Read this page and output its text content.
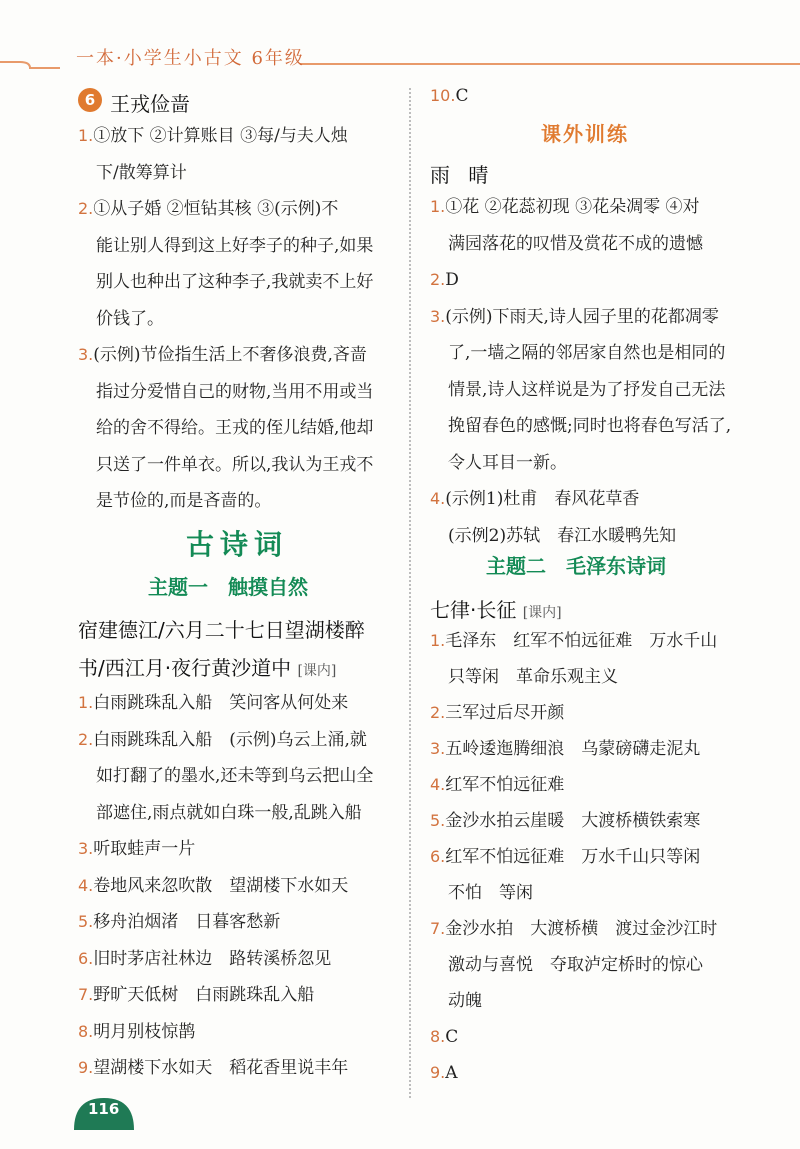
一本·小学生小古文 6年级
6 王戎俭啬
1.①放下 ②计算账目 ③每/与夫人烛
下/散筹算计
2.①从子婚 ②恒钻其核 ③(示例)不
能让别人得到这上好李子的种子,如果
别人也种出了这种李子,我就卖不上好
价钱了。
3.(示例)节俭指生活上不奢侈浪费,吝啬
指过分爱惜自己的财物,当用不用或当
给的舍不得给。王戎的侄儿结婚,他却
只送了一件单衣。所以,我认为王戎不
是节俭的,而是吝啬的。
古诗词
主题一　触摸自然
宿建德江/六月二十七日望湖楼醉
书/西江月·夜行黄沙道中 [课内]
1.白雨跳珠乱入船　笑问客从何处来
2.白雨跳珠乱入船　(示例)乌云上涌,就
如打翻了的墨水,还未等到乌云把山全
部遮住,雨点就如白珠一般,乱跳入船
3.听取蛙声一片
4.卷地风来忽吹散　望湖楼下水如天
5.移舟泊烟渚　日暮客愁新
6.旧时茅店社林边　路转溪桥忽见
7.野旷天低树　白雨跳珠乱入船
8.明月别枝惊鹊
9.望湖楼下水如天　稻花香里说丰年
10.C
课外训练
雨 晴
1.①花 ②花蕊初现 ③花朵凋零 ④对
满园落花的叹惜及赏花不成的遗憾
2.D
3.(示例)下雨天,诗人园子里的花都凋零
了,一墙之隔的邻居家自然也是相同的
情景,诗人这样说是为了抒发自己无法
挽留春色的感慨;同时也将春色写活了,
令人耳目一新。
4.(示例1)杜甫　春风花草香
(示例2)苏轼　春江水暖鸭先知
主题二　毛泽东诗词
七律·长征 [课内]
1.毛泽东　红军不怕远征难　万水千山
只等闲　革命乐观主义
2.三军过后尽开颜
3.五岭逶迤腾细浪　乌蒙磅礴走泥丸
4.红军不怕远征难
5.金沙水拍云崖暖　大渡桥横铁索寒
6.红军不怕远征难　万水千山只等闲
不怕　等闲
7.金沙水拍　大渡桥横　渡过金沙江时
激动与喜悦　夺取泸定桥时的惊心
动魄
8.C
9.A
116
